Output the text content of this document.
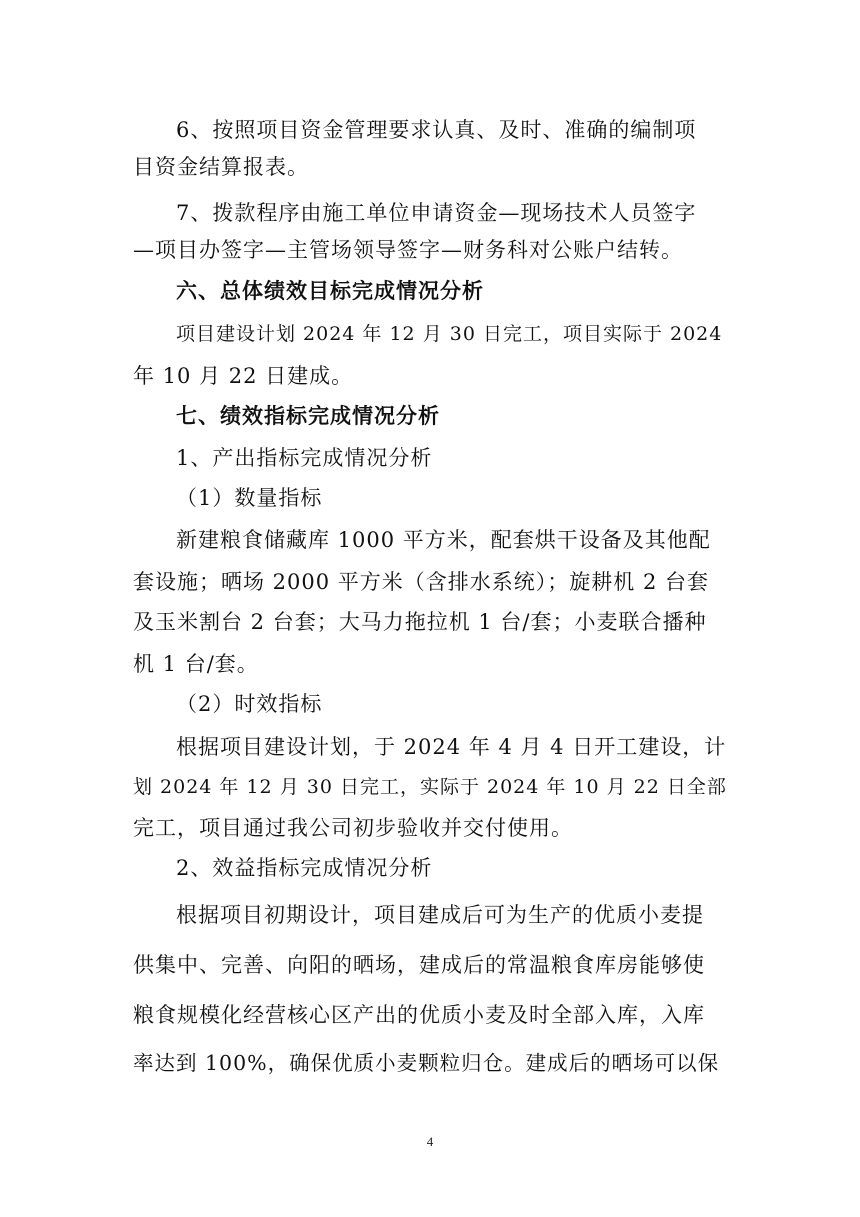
6、按照项目资金管理要求认真、及时、准确的编制项
目资金结算报表。
7、拨款程序由施工单位申请资金—现场技术人员签字
—项目办签字—主管场领导签字—财务科对公账户结转。
六、总体绩效目标完成情况分析
项目建设计划 2024 年 12 月 30 日完工，项目实际于 2024
年 10 月 22 日建成。
七、绩效指标完成情况分析
1、产出指标完成情况分析
（1）数量指标
新建粮食储藏库 1000 平方米，配套烘干设备及其他配
套设施；晒场 2000 平方米（含排水系统）；旋耕机 2 台套
及玉米割台 2 台套；大马力拖拉机 1 台/套；小麦联合播种
机 1 台/套。
（2）时效指标
根据项目建设计划，于 2024 年 4 月 4 日开工建设，计
划 2024 年 12 月 30 日完工，实际于 2024 年 10 月 22 日全部
完工，项目通过我公司初步验收并交付使用。
2、效益指标完成情况分析
根据项目初期设计，项目建成后可为生产的优质小麦提
供集中、完善、向阳的晒场，建成后的常温粮食库房能够使
粮食规模化经营核心区产出的优质小麦及时全部入库，入库
率达到 100%，确保优质小麦颗粒归仓。建成后的晒场可以保
4
